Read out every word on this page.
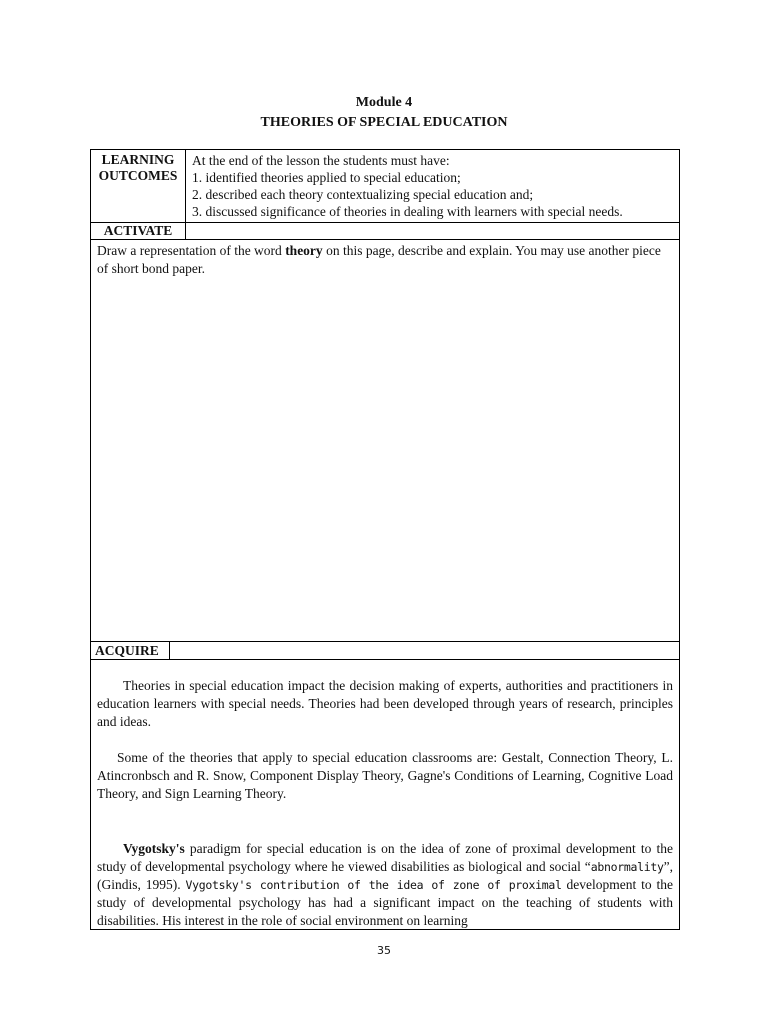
Module 4
THEORIES OF SPECIAL EDUCATION
LEARNING
OUTCOMES
At the end of the lesson the students must have:
1. identified theories applied to special education;
2. described each theory contextualizing special education and;
3. discussed significance of theories in dealing with learners with special needs.
ACTIVATE
Draw a representation of the word theory on this page, describe and explain. You may use another piece of short bond paper.
ACQUIRE
Theories in special education impact the decision making of experts, authorities and practitioners in education learners with special needs. Theories had been developed through years of research, principles and ideas.
Some of the theories that apply to special education classrooms are: Gestalt, Connection Theory, L. Atincronbsch and R. Snow, Component Display Theory, Gagne's Conditions of Learning, Cognitive Load Theory, and Sign Learning Theory.
Vygotsky's paradigm for special education is on the idea of zone of proximal development to the study of developmental psychology where he viewed disabilities as biological and social “abnormality”, (Gindis, 1995). Vygotsky's contribution of the idea of zone of proximal development to the study of developmental psychology has had a significant impact on the teaching of students with disabilities. His interest in the role of social environment on learning
35
